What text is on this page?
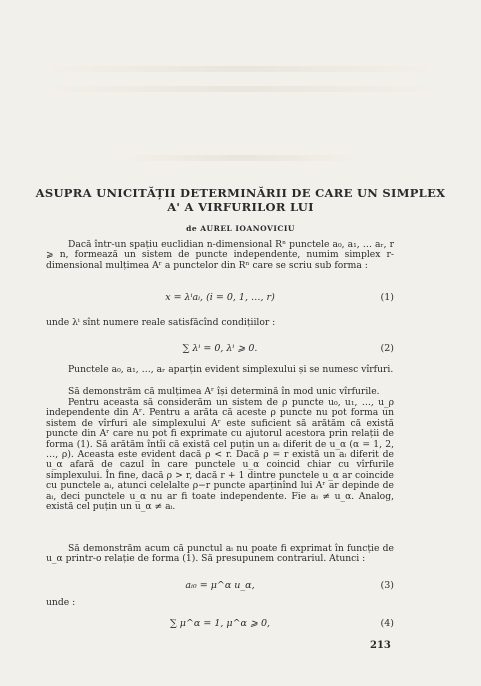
ASUPRA UNICITĂȚII DETERMINĂRII DE CARE UN SIMPLEX
A' A VIRFURILOR LUI
de AUREL IOANOVICIU
Dacă într-un spațiu euclidian n-dimensional Rⁿ punctele a₀, a₁, … aᵣ, r ⩾ n, formează un sistem de puncte independente, numim simplex r-dimensional mulțimea Aʳ a punctelor din Rⁿ care se scriu sub forma :
x = λⁱaᵢ, (i = 0, 1, …, r)	(1)
unde λⁱ sînt numere reale satisfăcînd condițiilor :
∑ λⁱ = 0, λⁱ ⩾ 0.	(2)
Punctele a₀, a₁, …, aᵣ aparțin evident simplexului și se numesc vîrfuri.
Să demonstrăm că mulțimea Aʳ își determină în mod unic vîrfurile.
Pentru aceasta să considerăm un sistem de ρ puncte u₀, u₁, …, u_ρ independente din Aʳ. Pentru a arăta că aceste ρ puncte nu pot forma un sistem de vîrfuri ale simplexului Aʳ este suficient să arătăm că există puncte din Aʳ care nu pot fi exprimate cu ajutorul acestora prin relații de forma (1). Să arătăm întîi că există cel puțin un aᵢ diferit de u_α (α = 1, 2, …, ρ). Aceasta este evident dacă ρ < r. Dacă ρ = r există un aᵢ diferit de u_α afară de cazul în care punctele u_α coincid chiar cu vîrfurile simplexului. În fine, dacă ρ > r, dacă r + 1 dintre punctele u_α ar coincide cu punctele aᵢ, atunci celelalte ρ−r puncte aparținînd lui Aʳ ar depinde de aᵢ, deci punctele u_α nu ar fi toate independente. Fie aᵢ ≠ u_α. Analog, există cel puțin un u_α ≠ aᵢ.
Să demonstrăm acum că punctul aᵢ nu poate fi exprimat în funcție de u_α printr-o relație de forma (1). Să presupunem contrariul. Atunci :
aᵢ₀ = μ^α u_α,	(3)
unde :
∑ μ^α = 1, μ^α ⩾ 0,	(4)
213
